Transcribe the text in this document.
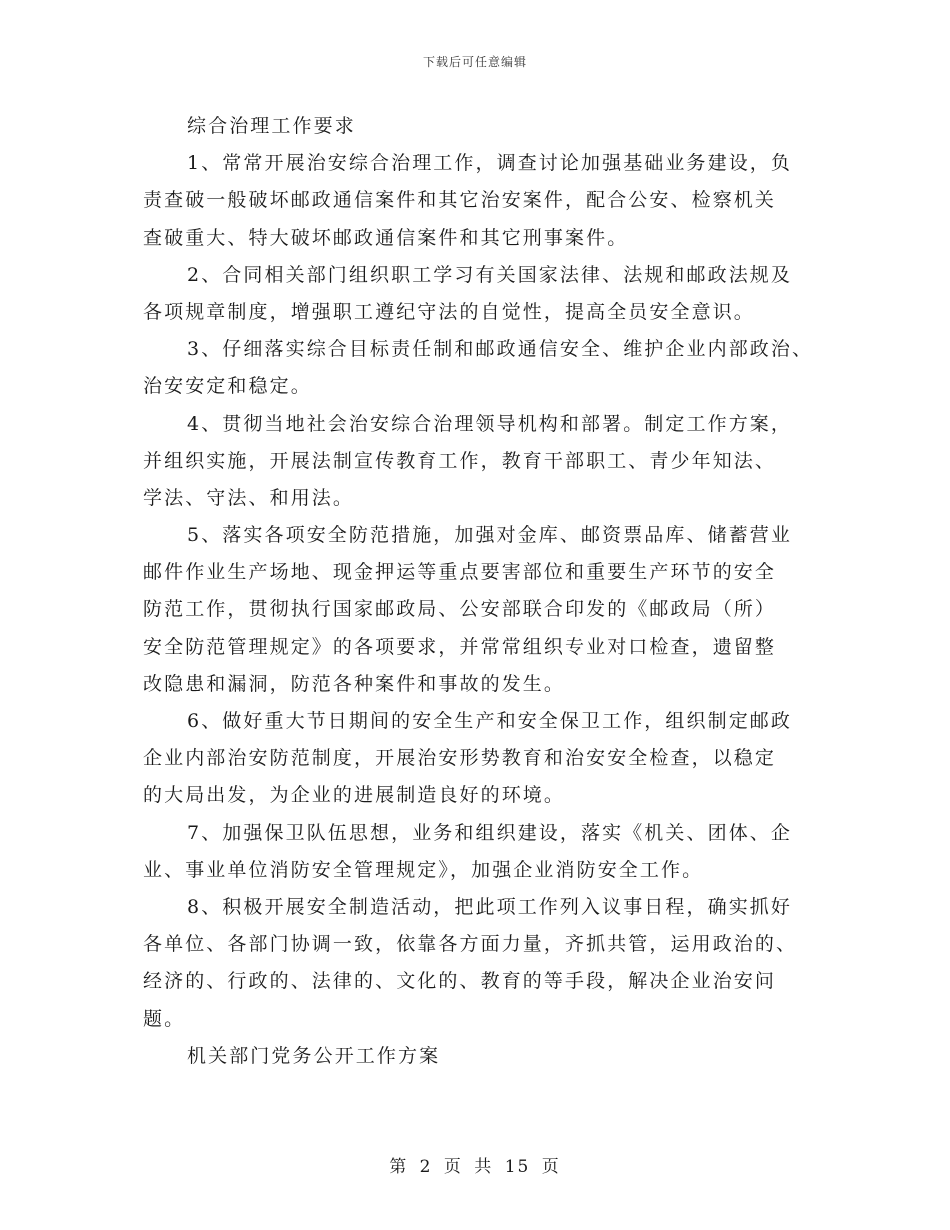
下载后可任意编辑
综合治理工作要求
1、常常开展治安综合治理工作，调查讨论加强基础业务建设，负
责查破一般破坏邮政通信案件和其它治安案件，配合公安、检察机关
查破重大、特大破坏邮政通信案件和其它刑事案件。
2、合同相关部门组织职工学习有关国家法律、法规和邮政法规及
各项规章制度，增强职工遵纪守法的自觉性，提高全员安全意识。
3、仔细落实综合目标责任制和邮政通信安全、维护企业内部政治、
治安安定和稳定。
4、贯彻当地社会治安综合治理领导机构和部署。制定工作方案，
并组织实施，开展法制宣传教育工作，教育干部职工、青少年知法、
学法、守法、和用法。
5、落实各项安全防范措施，加强对金库、邮资票品库、储蓄营业
邮件作业生产场地、现金押运等重点要害部位和重要生产环节的安全
防范工作，贯彻执行国家邮政局、公安部联合印发的《邮政局（所）
安全防范管理规定》的各项要求，并常常组织专业对口检查，遗留整
改隐患和漏洞，防范各种案件和事故的发生。
6、做好重大节日期间的安全生产和安全保卫工作，组织制定邮政
企业内部治安防范制度，开展治安形势教育和治安安全检查，以稳定
的大局出发，为企业的进展制造良好的环境。
7、加强保卫队伍思想，业务和组织建设，落实《机关、团体、企
业、事业单位消防安全管理规定》，加强企业消防安全工作。
8、积极开展安全制造活动，把此项工作列入议事日程，确实抓好
各单位、各部门协调一致，依靠各方面力量，齐抓共管，运用政治的、
经济的、行政的、法律的、文化的、教育的等手段，解决企业治安问
题。
机关部门党务公开工作方案
第 2 页 共 15 页
